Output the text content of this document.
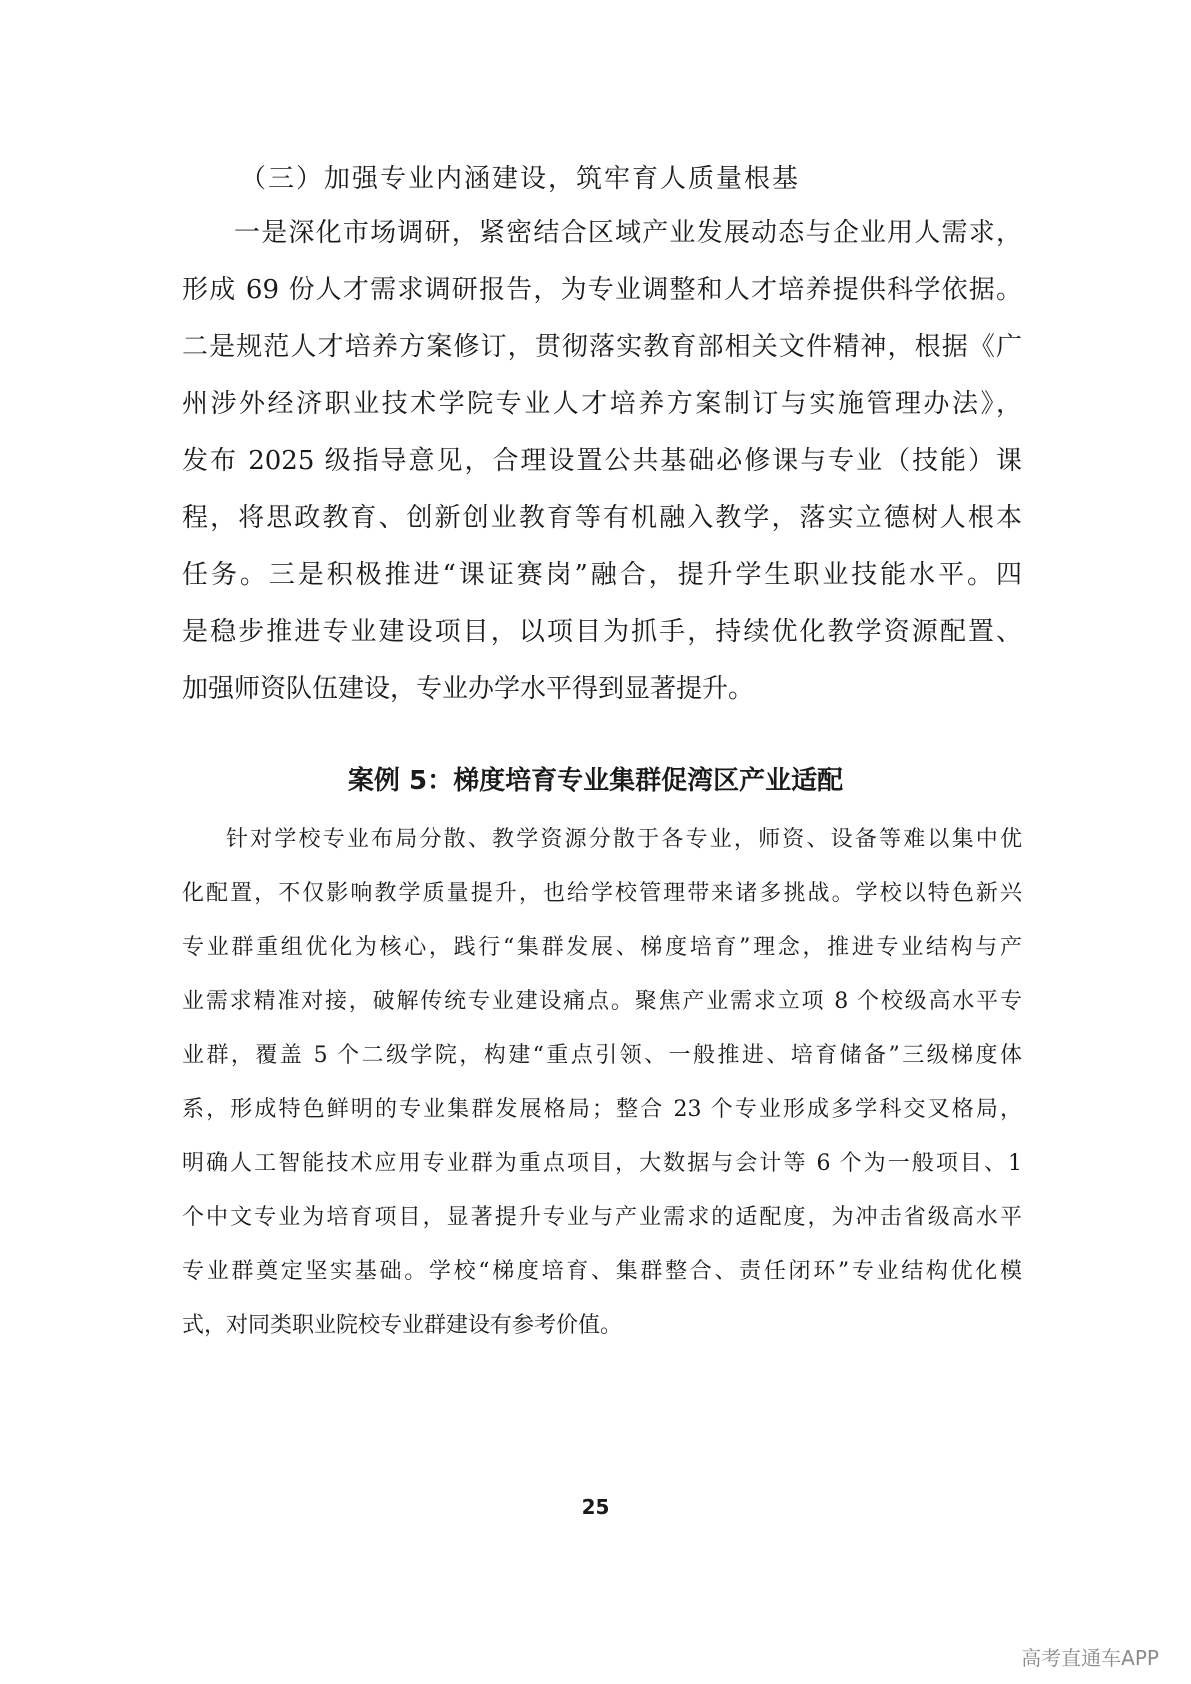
（三）加强专业内涵建设，筑牢育人质量根基
一是深化市场调研，紧密结合区域产业发展动态与企业用人需求，
形成 69 份人才需求调研报告，为专业调整和人才培养提供科学依据。
二是规范人才培养方案修订，贯彻落实教育部相关文件精神，根据《广
州涉外经济职业技术学院专业人才培养方案制订与实施管理办法》，
发布 2025 级指导意见，合理设置公共基础必修课与专业（技能）课
程，将思政教育、创新创业教育等有机融入教学，落实立德树人根本
任务。三是积极推进“课证赛岗”融合，提升学生职业技能水平。四
是稳步推进专业建设项目，以项目为抓手，持续优化教学资源配置、
加强师资队伍建设，专业办学水平得到显著提升。
案例 5：梯度培育专业集群促湾区产业适配
针对学校专业布局分散、教学资源分散于各专业，师资、设备等难以集中优
化配置，不仅影响教学质量提升，也给学校管理带来诸多挑战。学校以特色新兴
专业群重组优化为核心，践行“集群发展、梯度培育”理念，推进专业结构与产
业需求精准对接，破解传统专业建设痛点。聚焦产业需求立项 8 个校级高水平专
业群，覆盖 5 个二级学院，构建“重点引领、一般推进、培育储备”三级梯度体
系，形成特色鲜明的专业集群发展格局；整合 23 个专业形成多学科交叉格局，
明确人工智能技术应用专业群为重点项目，大数据与会计等 6 个为一般项目、1
个中文专业为培育项目，显著提升专业与产业需求的适配度，为冲击省级高水平
专业群奠定坚实基础。学校“梯度培育、集群整合、责任闭环”专业结构优化模
式，对同类职业院校专业群建设有参考价值。
25
高考直通车APP
